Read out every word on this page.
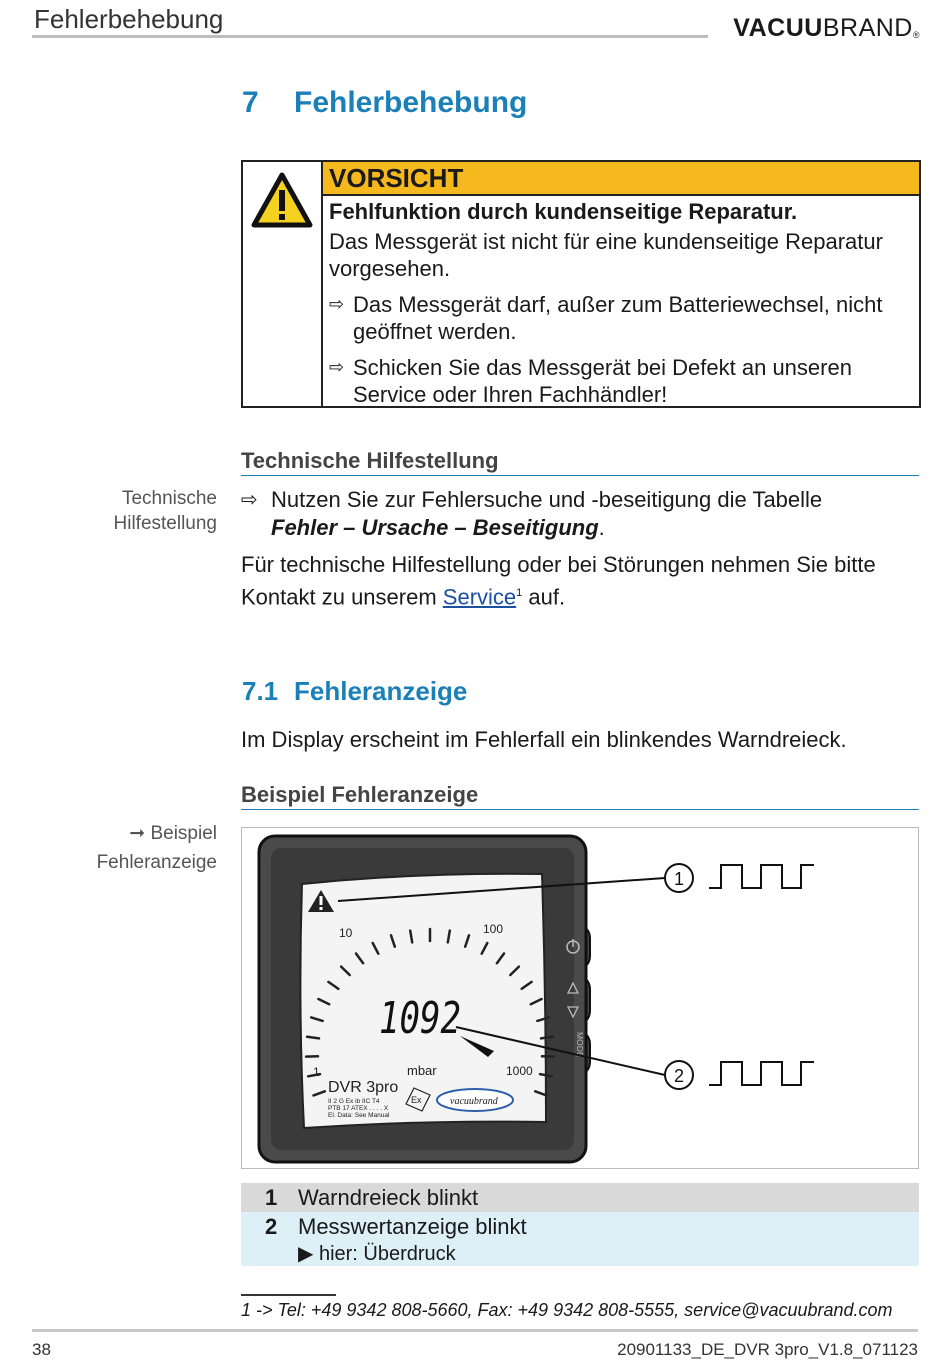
Fehlerbehebung	VACUUBRAND®
7 Fehlerbehebung
VORSICHT
Fehlfunktion durch kundenseitige Reparatur.
Das Messgerät ist nicht für eine kundenseitige Reparatur vorgesehen.
⇨ Das Messgerät darf, außer zum Batteriewechsel, nicht geöffnet werden.
⇨ Schicken Sie das Messgerät bei Defekt an unseren Service oder Ihren Fachhändler!
Technische Hilfestellung
Technische
Hilfestellung
⇨ Nutzen Sie zur Fehlersuche und -beseitigung die Tabelle
Fehler – Ursache – Beseitigung.
Für technische Hilfestellung oder bei Störungen nehmen Sie bitte Kontakt zu unserem Service$^1$ auf.
7.1 Fehleranzeige
Im Display erscheint im Fehlerfall ein blinkendes Warndreieck.
Beispiel Fehleranzeige
➞ Beispiel
Fehleranzeige
10	100
1	1000
mbar
1092
DVR 3pro
II 2 G Ex ib IIC T4
PTB 17 ATEX . . . . X
El. Data: See Manual
Ex	vacuubrand
MODE
1
2
1 Warndreieck blinkt
2 Messwertanzeige blinkt
▶ hier: Überdruck
1 -> Tel: +49 9342 808-5660, Fax: +49 9342 808-5555, service@vacuubrand.com
38	20901133_DE_DVR 3pro_V1.8_071123
